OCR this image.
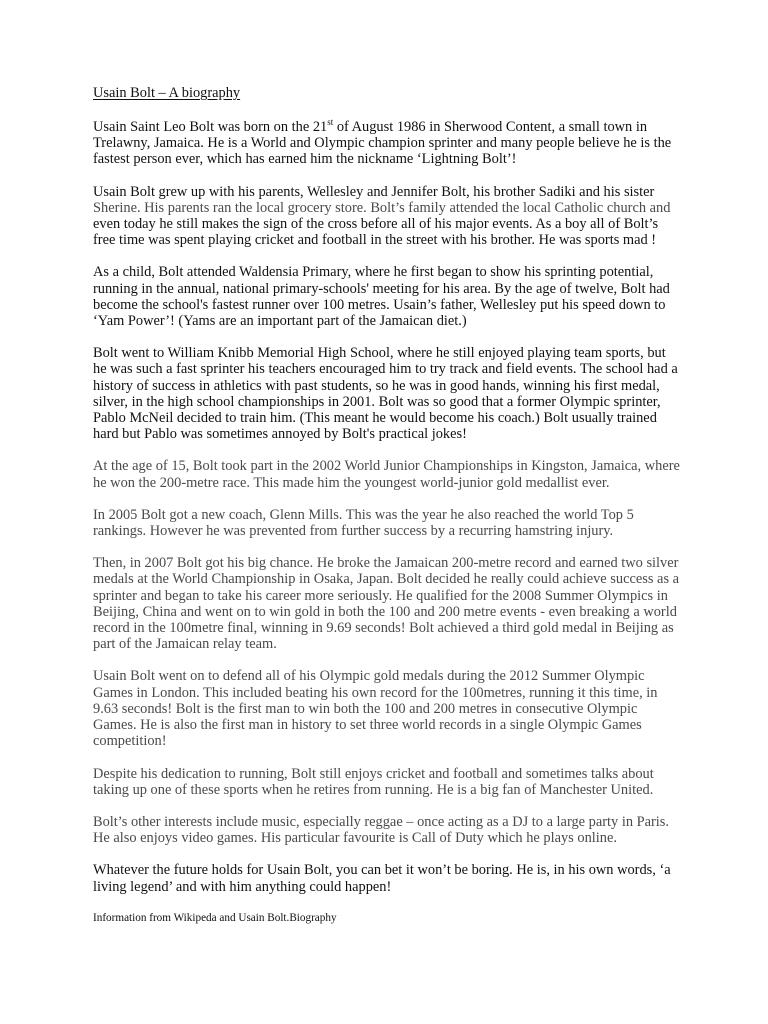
Usain Bolt – A biography
Usain Saint Leo Bolt was born on the 21st of August 1986 in Sherwood Content, a small town in
Trelawny, Jamaica. He is a World and Olympic champion sprinter and many people believe he is the
fastest person ever, which has earned him the nickname ‘Lightning Bolt’!
Usain Bolt grew up with his parents, Wellesley and Jennifer Bolt, his brother Sadiki and his sister
Sherine. His parents ran the local grocery store. Bolt’s family attended the local Catholic church and
even today he still makes the sign of the cross before all of his major events. As a boy all of Bolt’s
free time was spent playing cricket and football in the street with his brother. He was sports mad !
As a child, Bolt attended Waldensia Primary, where he first began to show his sprinting potential,
running in the annual, national primary-schools' meeting for his area. By the age of twelve, Bolt had
become the school's fastest runner over 100 metres. Usain’s father, Wellesley put his speed down to
‘Yam Power’! (Yams are an important part of the Jamaican diet.)
Bolt went to William Knibb Memorial High School, where he still enjoyed playing team sports, but
he was such a fast sprinter his teachers encouraged him to try track and field events. The school had a
history of success in athletics with past students, so he was in good hands, winning his first medal,
silver, in the high school championships in 2001. Bolt was so good that a former Olympic sprinter,
Pablo McNeil decided to train him. (This meant he would become his coach.) Bolt usually trained
hard but Pablo was sometimes annoyed by Bolt's practical jokes!
At the age of 15, Bolt took part in the 2002 World Junior Championships in Kingston, Jamaica, where
he won the 200-metre race. This made him the youngest world-junior gold medallist ever.
In 2005 Bolt got a new coach, Glenn Mills. This was the year he also reached the world Top 5
rankings. However he was prevented from further success by a recurring hamstring injury.
Then, in 2007 Bolt got his big chance. He broke the Jamaican 200-metre record and earned two silver
medals at the World Championship in Osaka, Japan. Bolt decided he really could achieve success as a
sprinter and began to take his career more seriously. He qualified for the 2008 Summer Olympics in
Beijing, China and went on to win gold in both the 100 and 200 metre events - even breaking a world
record in the 100metre final, winning in 9.69 seconds! Bolt achieved a third gold medal in Beijing as
part of the Jamaican relay team.
Usain Bolt went on to defend all of his Olympic gold medals during the 2012 Summer Olympic
Games in London. This included beating his own record for the 100metres, running it this time, in
9.63 seconds! Bolt is the first man to win both the 100 and 200 metres in consecutive Olympic
Games. He is also the first man in history to set three world records in a single Olympic Games
competition!
Despite his dedication to running, Bolt still enjoys cricket and football and sometimes talks about
taking up one of these sports when he retires from running. He is a big fan of Manchester United.
Bolt’s other interests include music, especially reggae – once acting as a DJ to a large party in Paris.
He also enjoys video games. His particular favourite is Call of Duty which he plays online.
Whatever the future holds for Usain Bolt, you can bet it won’t be boring. He is, in his own words, ‘a
living legend’ and with him anything could happen!
Information from Wikipeda and Usain Bolt.Biography
